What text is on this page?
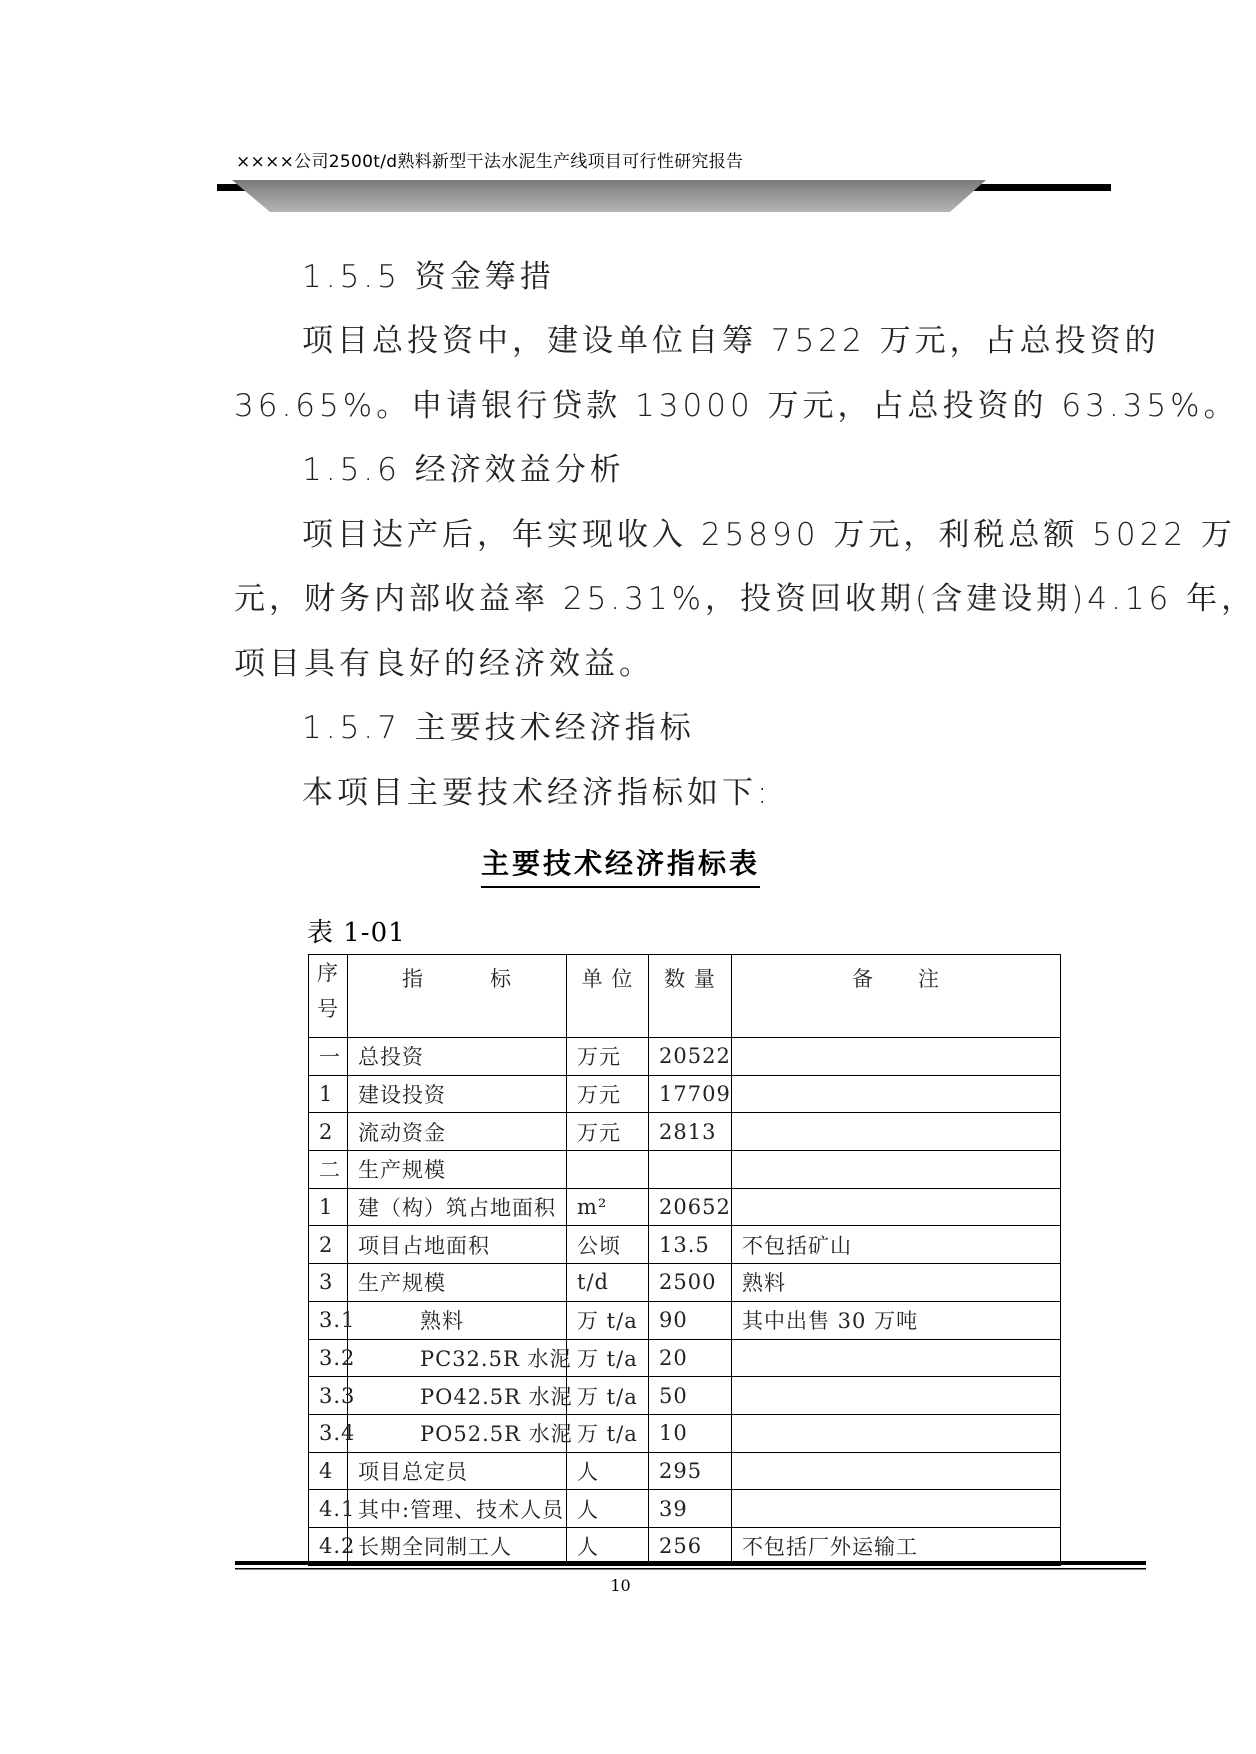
××××公司2500t/d熟料新型干法水泥生产线项目可行性研究报告
1.5.5 资金筹措
项目总投资中，建设单位自筹 7522 万元，占总投资的
36.65%。申请银行贷款 13000 万元，占总投资的 63.35%。
1.5.6 经济效益分析
项目达产后，年实现收入 25890 万元，利税总额 5022 万
元，财务内部收益率 25.31%，投资回收期(含建设期)4.16 年，
项目具有良好的经济效益。
1.5.7 主要技术经济指标
本项目主要技术经济指标如下:
主要技术经济指标表
表 1-01
序
号	指　　　标	单 位	数 量	备　　注
一	总投资	万元	20522	
1	建设投资	万元	17709	
2	流动资金	万元	2813	
二	生产规模			
1	建（构）筑占地面积	m²	20652	
2	项目占地面积	公顷	13.5	不包括矿山
3	生产规模	t/d	2500	熟料
3.1	熟料	万 t/a	90	其中出售 30 万吨
3.2	PC32.5R 水泥	万 t/a	20	
3.3	PO42.5R 水泥	万 t/a	50	
3.4	PO52.5R 水泥	万 t/a	10	
4	项目总定员	人	295	
4.1	其中:管理、技术人员	人	39	
4.2	长期全同制工人	人	256	不包括厂外运输工
10
